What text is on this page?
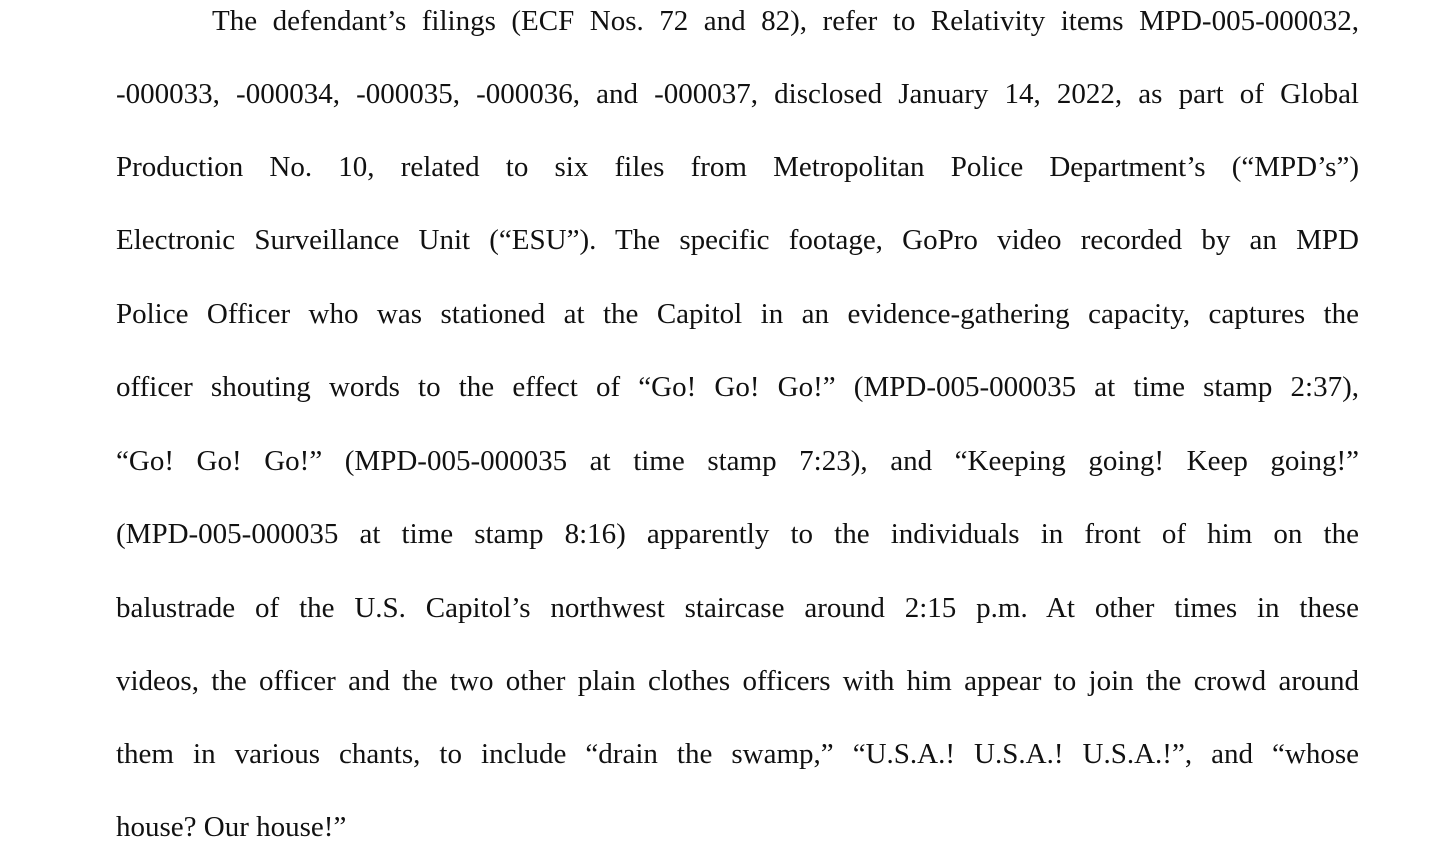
The defendant’s filings (ECF Nos. 72 and 82), refer to Relativity items MPD-005-000032,
-000033, -000034, -000035, -000036, and -000037, disclosed January 14, 2022, as part of Global
Production No. 10, related to six files from Metropolitan Police Department’s (“MPD’s”)
Electronic Surveillance Unit (“ESU”). The specific footage, GoPro video recorded by an MPD
Police Officer who was stationed at the Capitol in an evidence-gathering capacity, captures the
officer shouting words to the effect of “Go! Go! Go!” (MPD-005-000035 at time stamp 2:37),
“Go! Go! Go!” (MPD-005-000035 at time stamp 7:23), and “Keeping going! Keep going!”
(MPD-005-000035 at time stamp 8:16) apparently to the individuals in front of him on the
balustrade of the U.S. Capitol’s northwest staircase around 2:15 p.m. At other times in these
videos, the officer and the two other plain clothes officers with him appear to join the crowd around
them in various chants, to include “drain the swamp,” “U.S.A.! U.S.A.! U.S.A.!”, and “whose
house? Our house!”
